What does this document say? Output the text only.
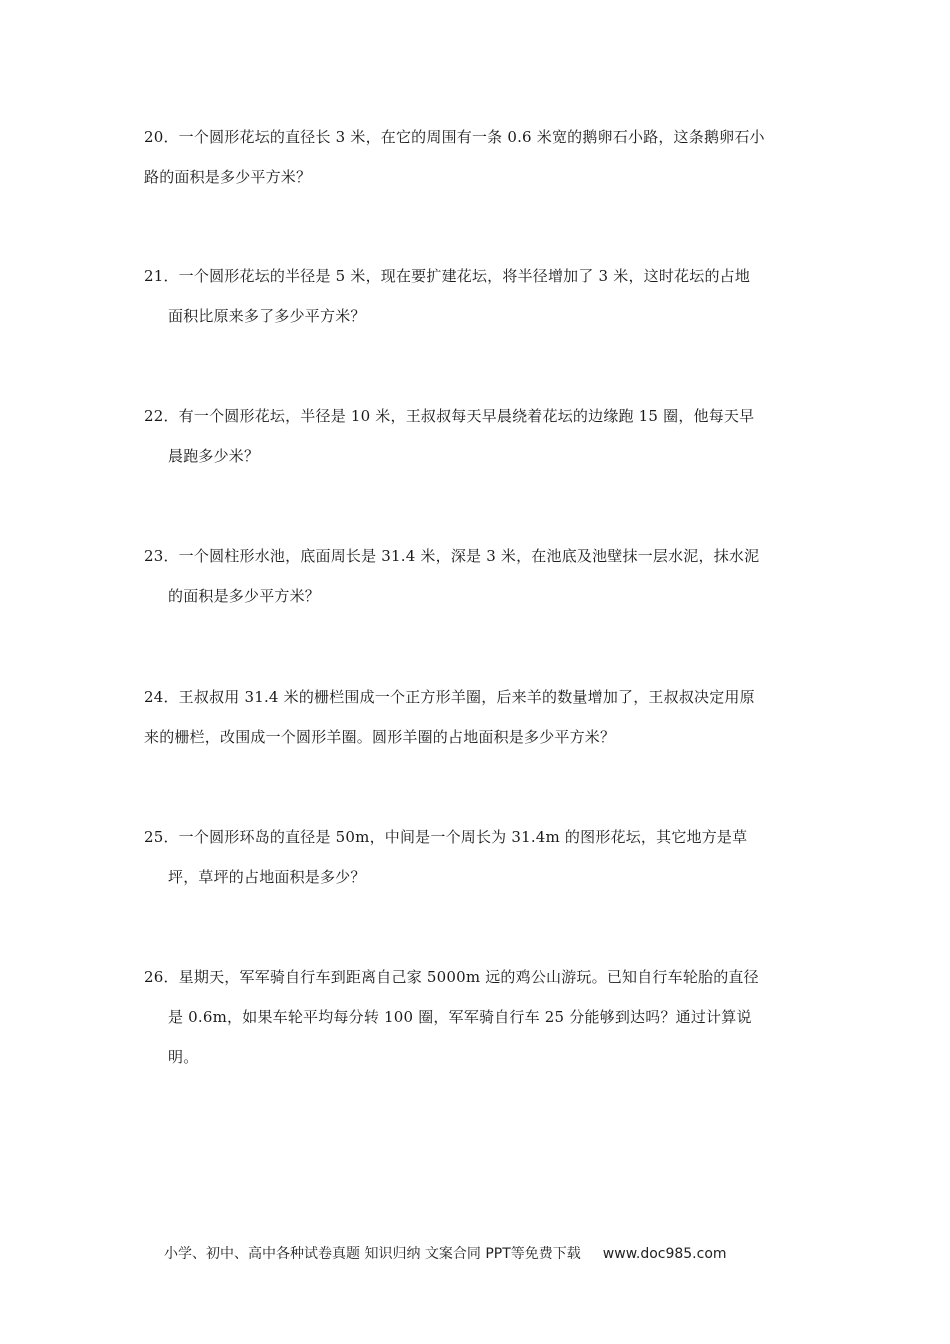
20．一个圆形花坛的直径长 3 米，在它的周围有一条 0.6 米宽的鹅卵石小路，这条鹅卵石小
路的面积是多少平方米？
21．一个圆形花坛的半径是 5 米，现在要扩建花坛，将半径增加了 3 米，这时花坛的占地
面积比原来多了多少平方米？
22．有一个圆形花坛，半径是 10 米，王叔叔每天早晨绕着花坛的边缘跑 15 圈，他每天早
晨跑多少米？
23．一个圆柱形水池，底面周长是 31.4 米，深是 3 米，在池底及池壁抹一层水泥，抹水泥
的面积是多少平方米？
24．王叔叔用 31.4 米的栅栏围成一个正方形羊圈，后来羊的数量增加了，王叔叔决定用原
来的栅栏，改围成一个圆形羊圈。圆形羊圈的占地面积是多少平方米？
25．一个圆形环岛的直径是 50m，中间是一个周长为 31.4m 的图形花坛，其它地方是草
坪，草坪的占地面积是多少？
26．星期天，军军骑自行车到距离自己家 5000m 远的鸡公山游玩。已知自行车轮胎的直径
是 0.6m，如果车轮平均每分转 100 圈，军军骑自行车 25 分能够到达吗？通过计算说
明。
小学、初中、高中各种试卷真题 知识归纳 文案合同 PPT等免费下载 www.doc985.com
